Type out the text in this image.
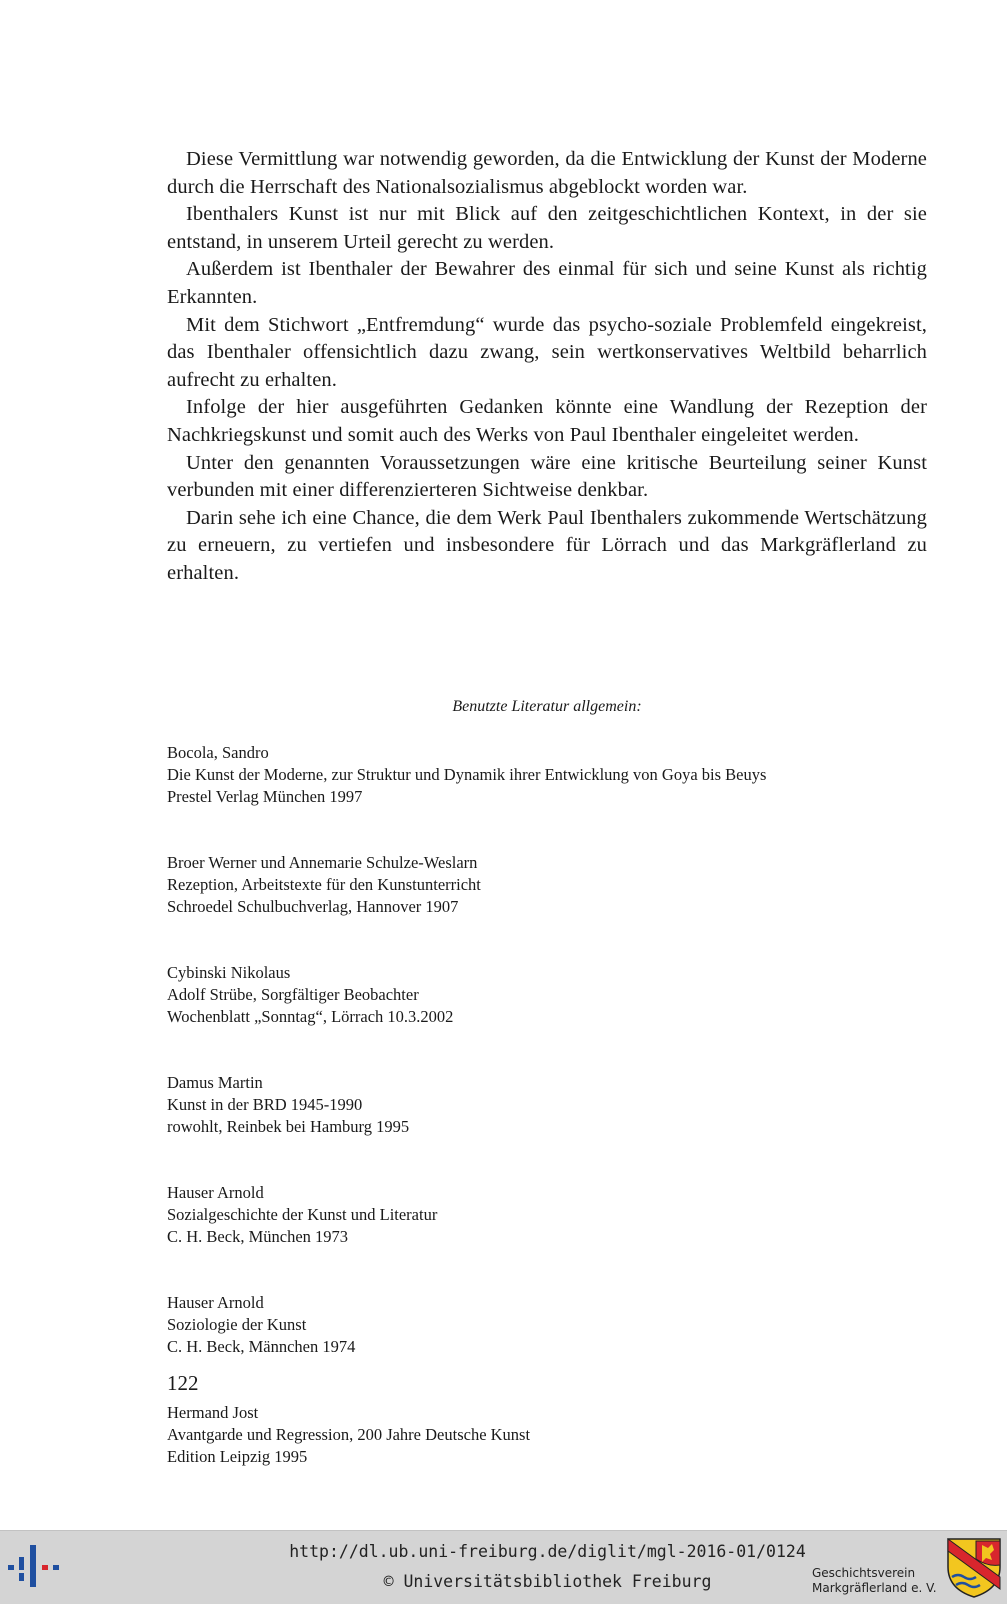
Diese Vermittlung war notwendig geworden, da die Entwicklung der Kunst der Moderne durch die Herrschaft des Nationalsozialismus abgeblockt worden war.

Ibenthalers Kunst ist nur mit Blick auf den zeitgeschichtlichen Kontext, in der sie entstand, in unserem Urteil gerecht zu werden.

Außerdem ist Ibenthaler der Bewahrer des einmal für sich und seine Kunst als richtig Erkannten.

Mit dem Stichwort „Entfremdung“ wurde das psycho-soziale Problemfeld eingekreist, das Ibenthaler offensichtlich dazu zwang, sein wertkonservatives Weltbild beharrlich aufrecht zu erhalten.

Infolge der hier ausgeführten Gedanken könnte eine Wandlung der Rezeption der Nachkriegskunst und somit auch des Werks von Paul Ibenthaler eingeleitet werden.

Unter den genannten Voraussetzungen wäre eine kritische Beurteilung seiner Kunst verbunden mit einer differenzierteren Sichtweise denkbar.

Darin sehe ich eine Chance, die dem Werk Paul Ibenthalers zukommende Wertschätzung zu erneuern, zu vertiefen und insbesondere für Lörrach und das Markgräflerland zu erhalten.

Benutzte Literatur allgemein:
Bocola, Sandro
Die Kunst der Moderne, zur Struktur und Dynamik ihrer Entwicklung von Goya bis Beuys
Prestel Verlag München 1997
Broer Werner und Annemarie Schulze-Weslarn
Rezeption, Arbeitstexte für den Kunstunterricht
Schroedel Schulbuchverlag, Hannover 1907
Cybinski Nikolaus
Adolf Strübe, Sorgfältiger Beobachter
Wochenblatt „Sonntag“, Lörrach 10.3.2002
Damus Martin
Kunst in der BRD 1945-1990
rowohlt, Reinbek bei Hamburg 1995
Hauser Arnold
Sozialgeschichte der Kunst und Literatur
C. H. Beck, München 1973
Hauser Arnold
Soziologie der Kunst
C. H. Beck, Männchen 1974
Hermand Jost
Avantgarde und Regression, 200 Jahre Deutsche Kunst
Edition Leipzig 1995
122
http://dl.ub.uni-freiburg.de/diglit/mgl-2016-01/0124
© Universitätsbibliothek Freiburg	Geschichtsverein
Markgräflerland e. V.
